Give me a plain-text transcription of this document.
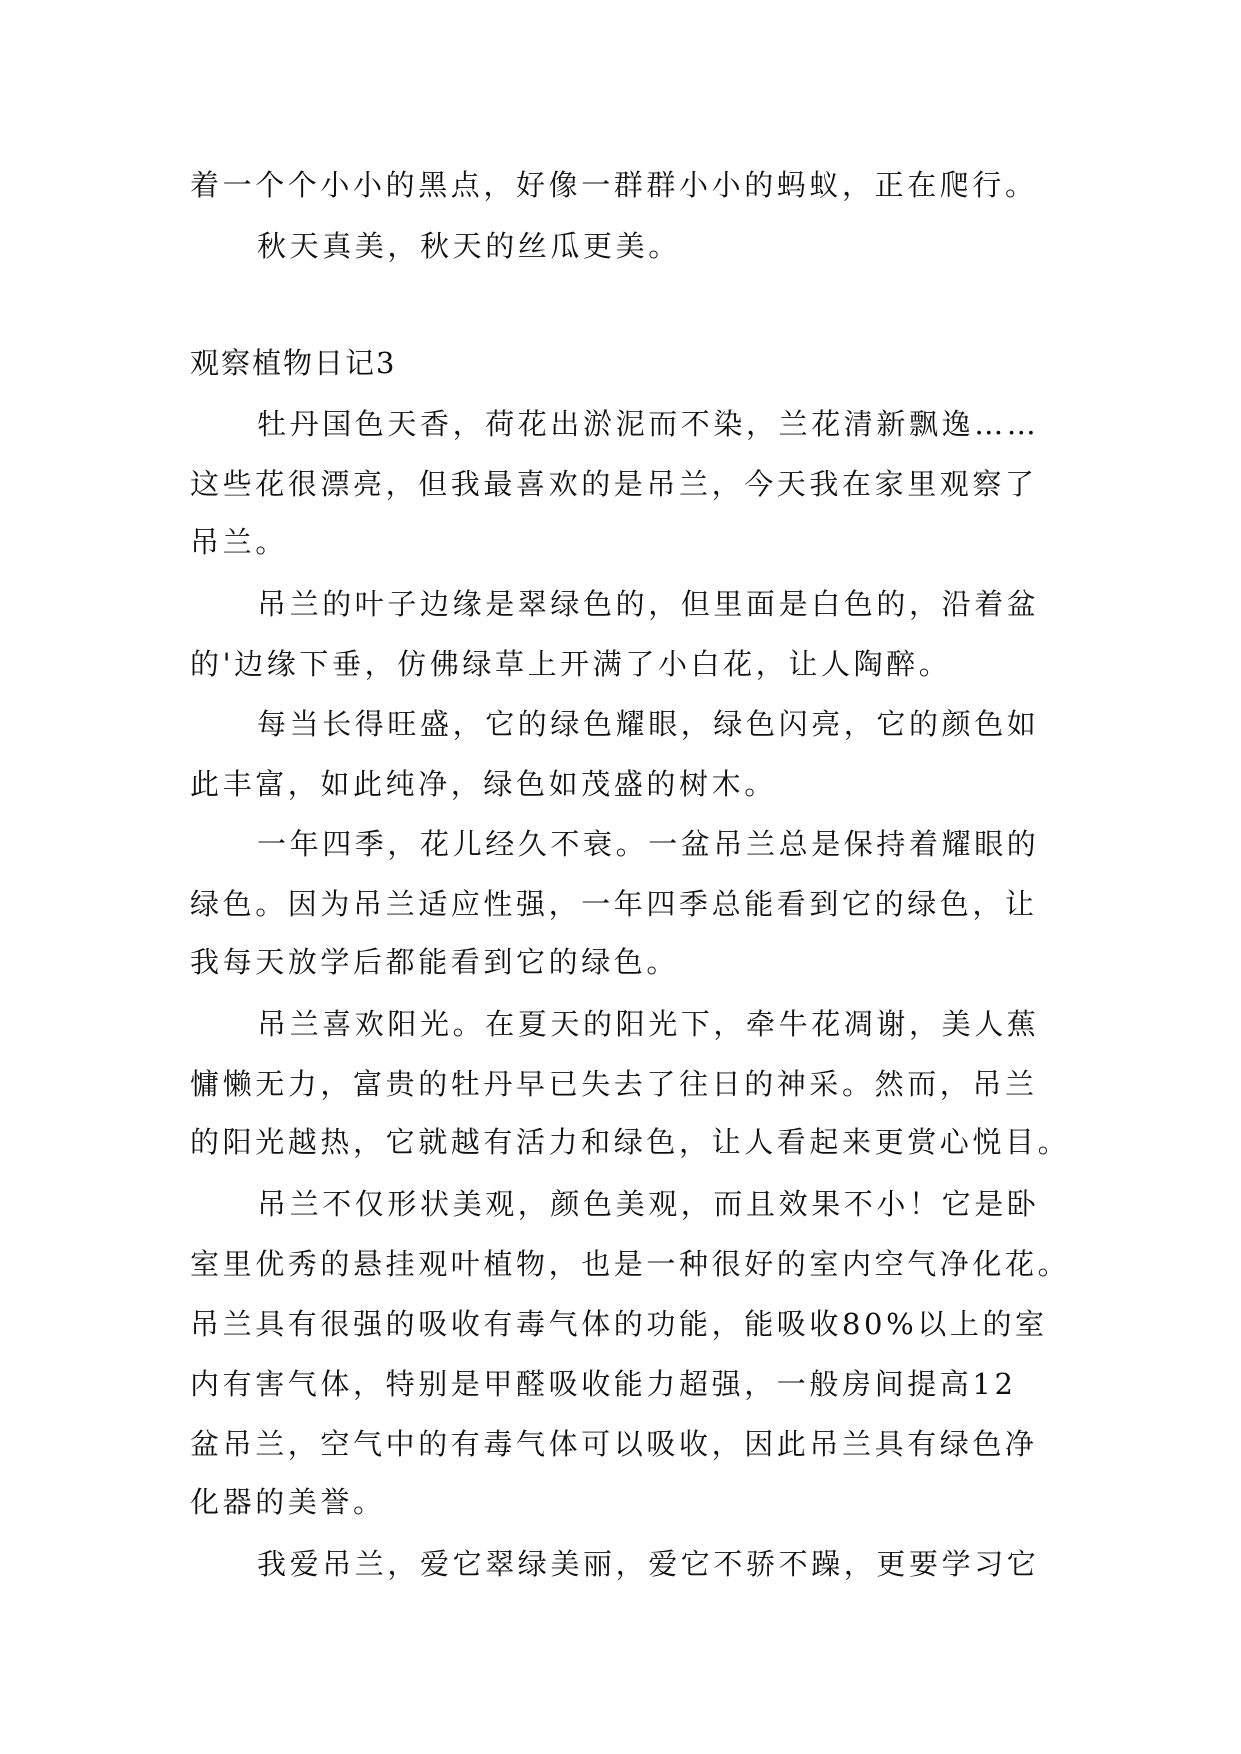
着一个个小小的黑点，好像一群群小小的蚂蚁，正在爬行。
秋天真美，秋天的丝瓜更美。
观察植物日记3
牡丹国色天香，荷花出淤泥而不染，兰花清新飘逸……
这些花很漂亮，但我最喜欢的是吊兰，今天我在家里观察了
吊兰。
吊兰的叶子边缘是翠绿色的，但里面是白色的，沿着盆
的'边缘下垂，仿佛绿草上开满了小白花，让人陶醉。
每当长得旺盛，它的绿色耀眼，绿色闪亮，它的颜色如
此丰富，如此纯净，绿色如茂盛的树木。
一年四季，花儿经久不衰。一盆吊兰总是保持着耀眼的
绿色。因为吊兰适应性强，一年四季总能看到它的绿色，让
我每天放学后都能看到它的绿色。
吊兰喜欢阳光。在夏天的阳光下，牵牛花凋谢，美人蕉
慵懒无力，富贵的牡丹早已失去了往日的神采。然而，吊兰
的阳光越热，它就越有活力和绿色，让人看起来更赏心悦目。
吊兰不仅形状美观，颜色美观，而且效果不小！它是卧
室里优秀的悬挂观叶植物，也是一种很好的室内空气净化花。
吊兰具有很强的吸收有毒气体的功能，能吸收80%以上的室
内有害气体，特别是甲醛吸收能力超强，一般房间提高12
盆吊兰，空气中的有毒气体可以吸收，因此吊兰具有绿色净
化器的美誉。
我爱吊兰，爱它翠绿美丽，爱它不骄不躁，更要学习它
